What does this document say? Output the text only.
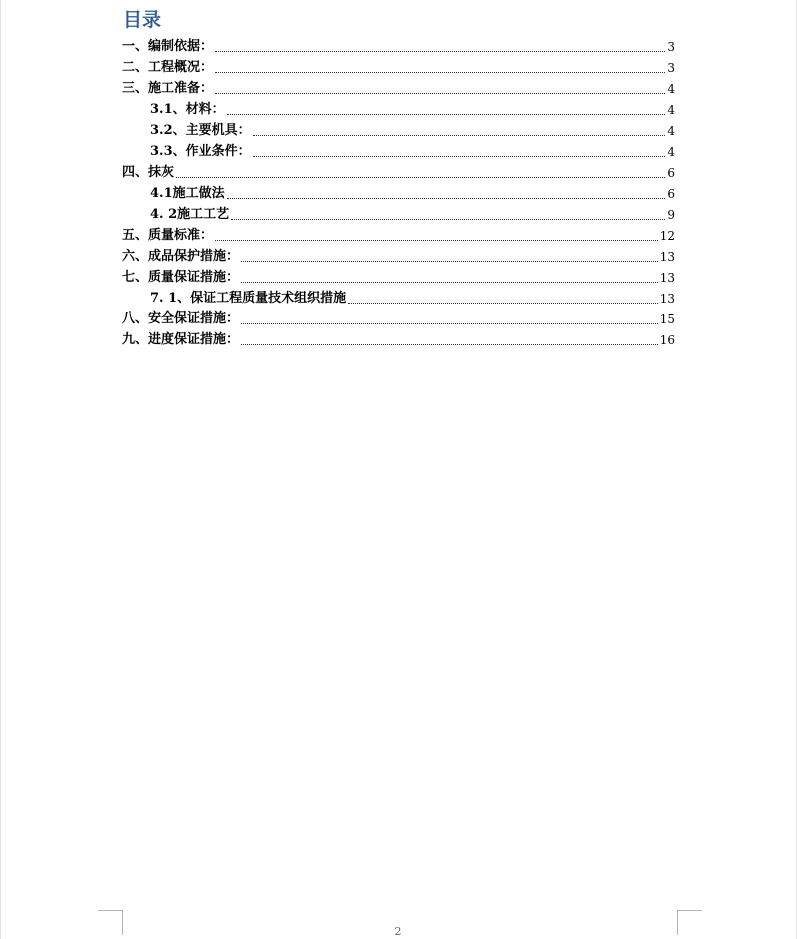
目录
一、编制依据：	3
二、工程概况：	3
三、施工准备：	4
3.1、材料：	4
3.2、主要机具：	4
3.3、作业条件：	4
四、抹灰	6
4.1施工做法	6
4. 2施工工艺	9
五、质量标准：	12
六、成品保护措施：	13
七、质量保证措施：	13
7. 1、保证工程质量技术组织措施	13
八、安全保证措施：	15
九、进度保证措施：	16
2
